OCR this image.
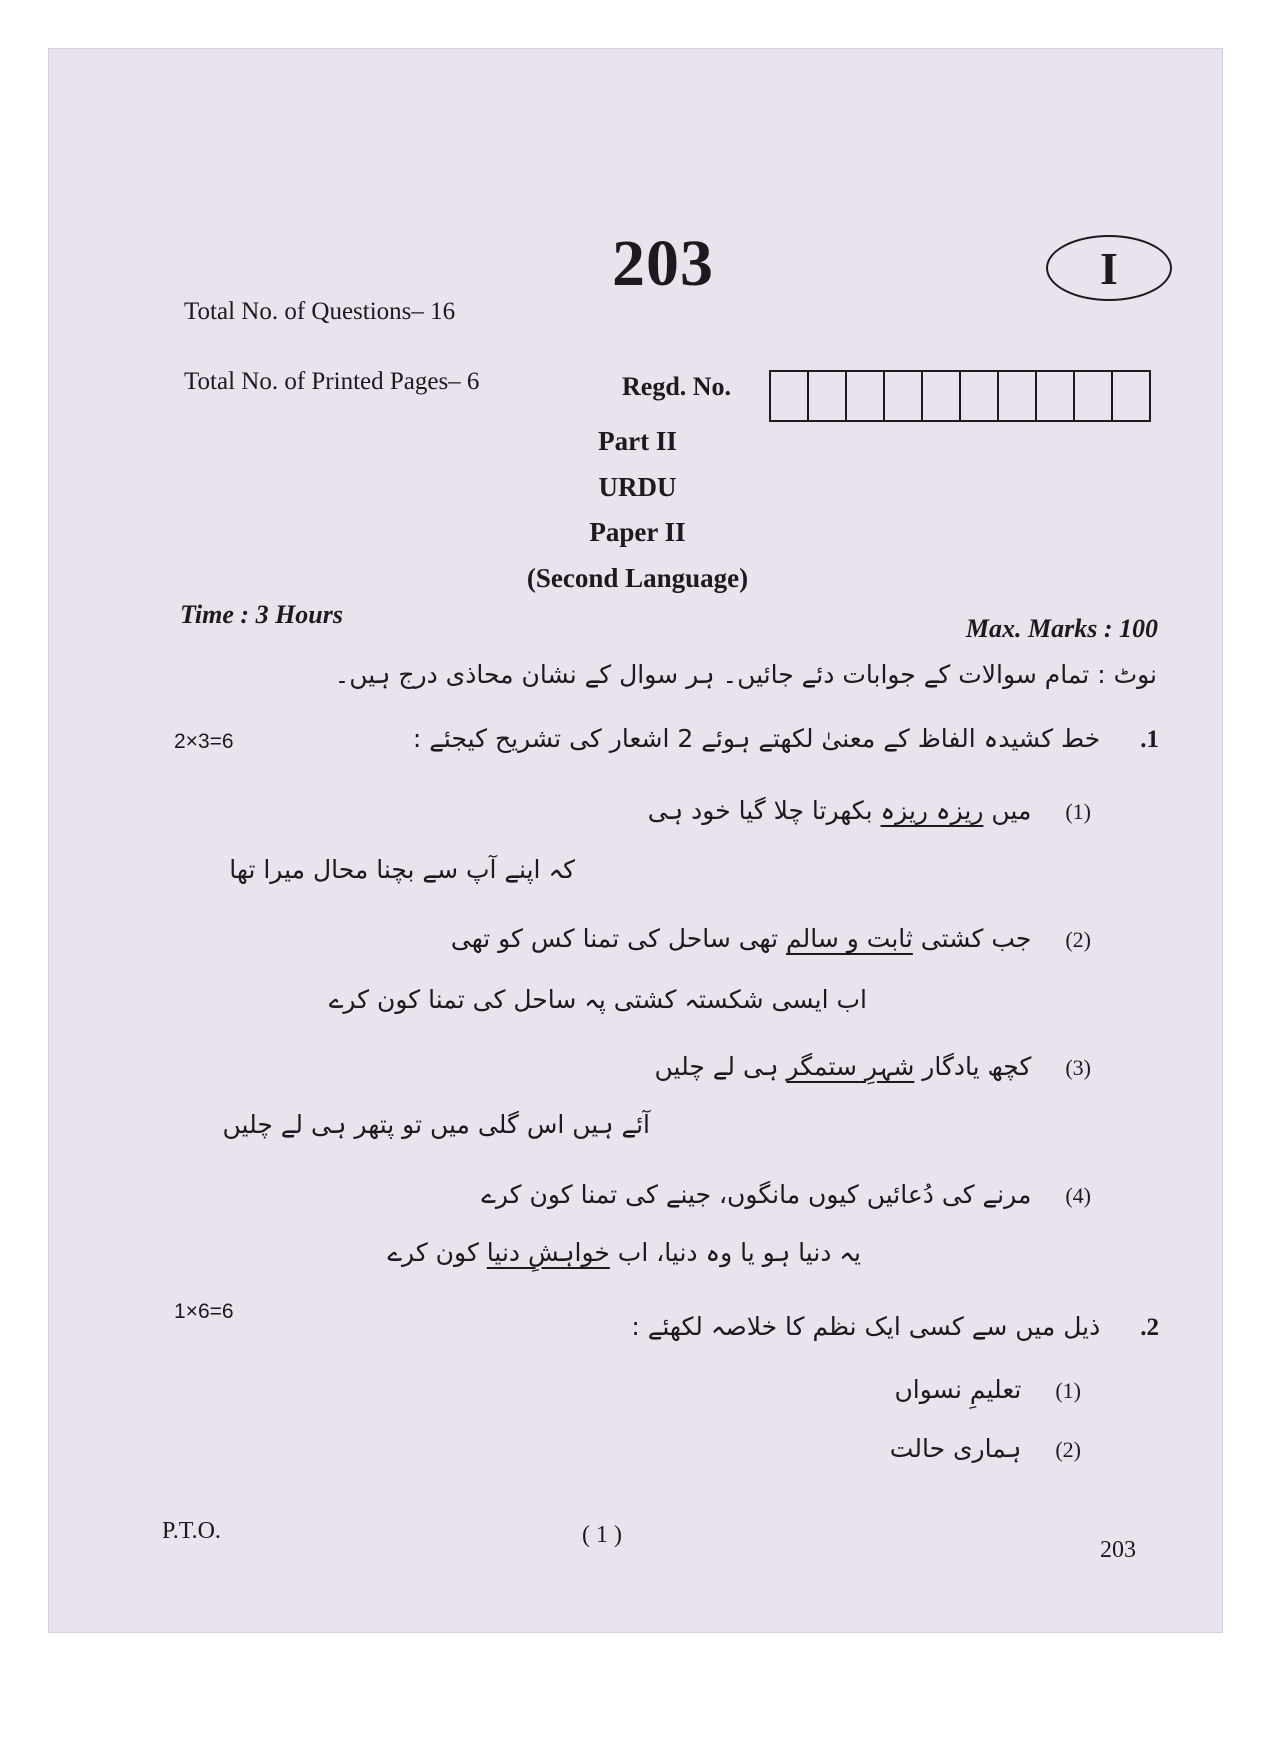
203	I
Total No. of Questions– 16
Total No. of Printed Pages– 6	Regd. No.
Part II
URDU
Paper II
(Second Language)
Time : 3 Hours	Max. Marks : 100
نوٹ : تمام سوالات کے جوابات دئے جائیں۔ ہر سوال کے نشان محاذی درج ہیں۔
2×3=6	1.
خط کشیدہ الفاظ کے معنیٰ لکھتے ہوئے 2 اشعار کی تشریح کیجئے :
(1)
میں ریزہ ریزہ بکھرتا چلا گیا خود ہی
کہ اپنے آپ سے بچنا محال میرا تھا
(2)
جب کشتی ثابت و سالم تھی ساحل کی تمنا کس کو تھی
اب ایسی شکستہ کشتی پہ ساحل کی تمنا کون کرے
(3)
کچھ یادگار شہرِ ستمگر ہی لے چلیں
آئے ہیں اس گلی میں تو پتھر ہی لے چلیں
(4)
مرنے کی دُعائیں کیوں مانگوں، جینے کی تمنا کون کرے
یہ دنیا ہو یا وہ دنیا، اب خواہشِ دنیا کون کرے
1×6=6
2.
ذیل میں سے کسی ایک نظم کا خلاصہ لکھئے :
(1)
تعلیمِ نسواں
(2)
ہماری حالت
P.T.O.	( 1 )
203
